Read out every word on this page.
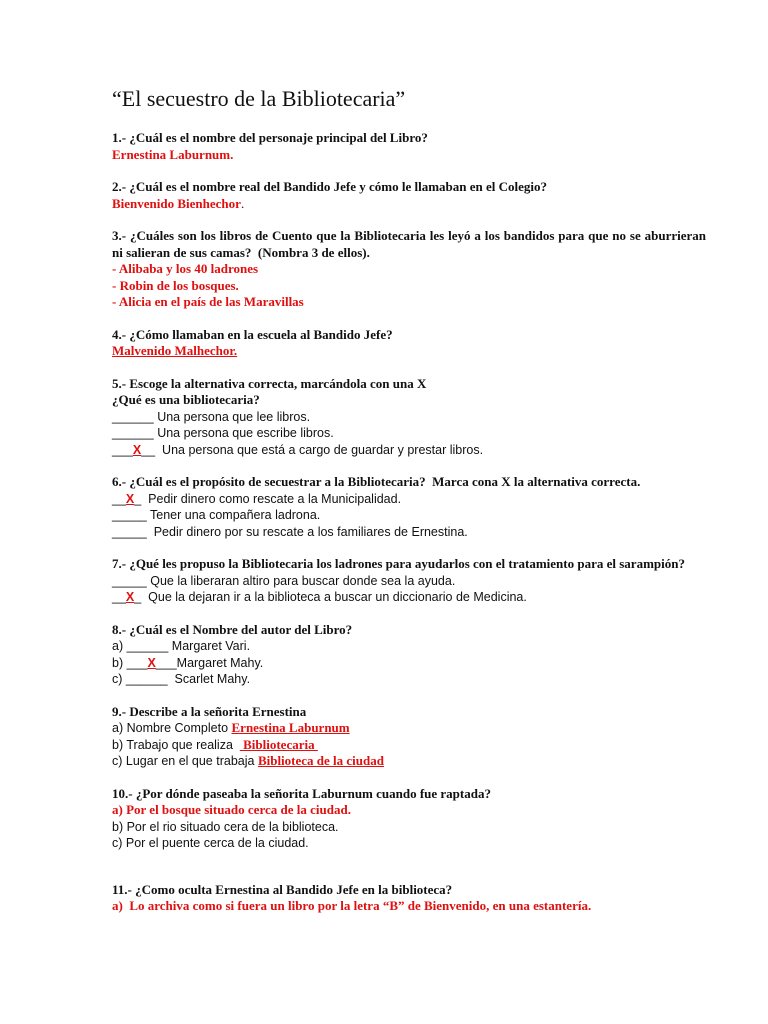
“El secuestro de la Bibliotecaria”
1.- ¿Cuál es el nombre del personaje principal del Libro?
Ernestina Laburnum.
2.- ¿Cuál es el nombre real del Bandido Jefe y cómo le llamaban en el Colegio?
Bienvenido Bienhechor.
3.- ¿Cuáles son los libros de Cuento que la Bibliotecaria les leyó a los bandidos para que no se aburrieran ni salieran de sus camas?  (Nombra 3 de ellos).
- Alibaba y los 40 ladrones
- Robin de los bosques.
- Alicia en el país de las Maravillas
4.- ¿Cómo llamaban en la escuela al Bandido Jefe?
Malvenido Malhechor.
5.- Escoge la alternativa correcta, marcándola con una X
¿Qué es una bibliotecaria?
______ Una persona que lee libros.
______ Una persona que escribe libros.
___X__  Una persona que está a cargo de guardar y prestar libros.
6.- ¿Cuál es el propósito de secuestrar a la Bibliotecaria?  Marca cona X la alternativa correcta.
__X_  Pedir dinero como rescate a la Municipalidad.
_____ Tener una compañera ladrona.
_____  Pedir dinero por su rescate a los familiares de Ernestina.
7.- ¿Qué les propuso la Bibliotecaria los ladrones para ayudarlos con el tratamiento para el sarampión?
_____ Que la liberaran altiro para buscar donde sea la ayuda.
__X_  Que la dejaran ir a la biblioteca a buscar un diccionario de Medicina.
8.- ¿Cuál es el Nombre del autor del Libro?
a) ______ Margaret Vari.
b) ___X___Margaret Mahy.
c) ______  Scarlet Mahy.
9.- Describe a la señorita Ernestina
a) Nombre Completo Ernestina Laburnum
b) Trabajo que realiza   Bibliotecaria
c) Lugar en el que trabaja Biblioteca de la ciudad
10.- ¿Por dónde paseaba la señorita Laburnum cuando fue raptada?
a) Por el bosque situado cerca de la ciudad.
b) Por el rio situado cera de la biblioteca.
c) Por el puente cerca de la ciudad.
11.- ¿Como oculta Ernestina al Bandido Jefe en la biblioteca?
a)  Lo archiva como si fuera un libro por la letra “B” de Bienvenido, en una estantería.
